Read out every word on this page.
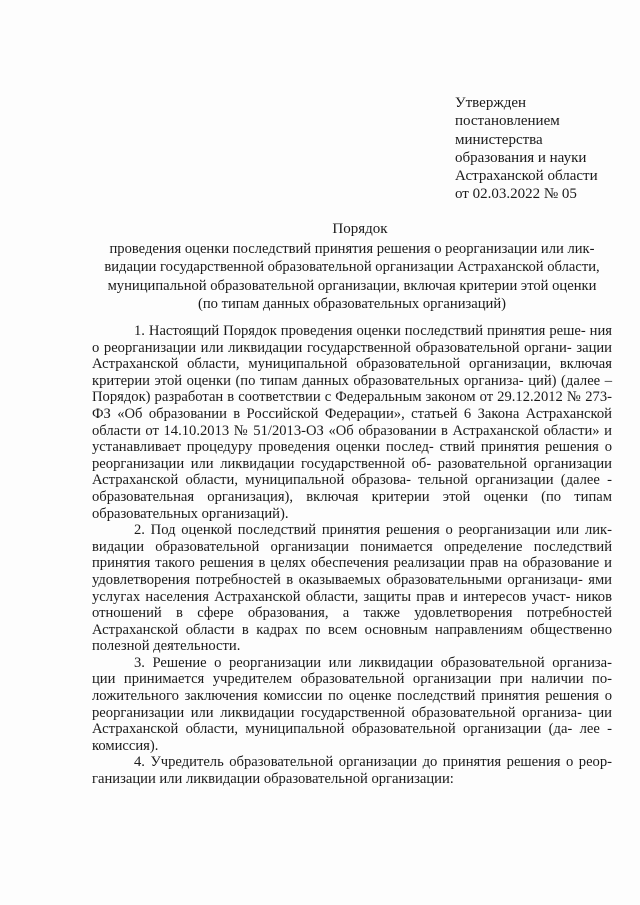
Утвержден
постановлением
министерства
образования и науки
Астраханской области
от 02.03.2022 № 05
Порядок
проведения оценки последствий принятия решения о реорганизации или лик-
видации государственной образовательной организации Астраханской области,
муниципальной образовательной организации, включая критерии этой оценки
(по типам данных образовательных организаций)

1. Настоящий Порядок проведения оценки последствий принятия реше- ния о реорганизации или ликвидации государственной образовательной органи- зации Астраханской области, муниципальной образовательной организации, включая критерии этой оценки (по типам данных образовательных организа- ций) (далее – Порядок) разработан в соответствии с Федеральным законом от 29.12.2012 № 273-ФЗ «Об образовании в Российской Федерации», статьей 6 Закона Астраханской области от 14.10.2013 № 51/2013-ОЗ «Об образовании в Астраханской области» и устанавливает процедуру проведения оценки послед- ствий принятия решения о реорганизации или ликвидации государственной об- разовательной организации Астраханской области, муниципальной образова- тельной организации (далее - образовательная организация), включая критерии этой оценки (по типам образовательных организаций).

2. Под оценкой последствий принятия решения о реорганизации или лик- видации образовательной организации понимается определение последствий принятия такого решения в целях обеспечения реализации прав на образование и удовлетворения потребностей в оказываемых образовательными организаци- ями услугах населения Астраханской области, защиты прав и интересов участ- ников отношений в сфере образования, а также удовлетворения потребностей Астраханской области в кадрах по всем основным направлениям общественно полезной деятельности.

3. Решение о реорганизации или ликвидации образовательной организа- ции принимается учредителем образовательной организации при наличии по- ложительного заключения комиссии по оценке последствий принятия решения о реорганизации или ликвидации государственной образовательной организа- ции Астраханской области, муниципальной образовательной организации (да- лее - комиссия).

4. Учредитель образовательной организации до принятия решения о реор- ганизации или ликвидации образовательной организации:
